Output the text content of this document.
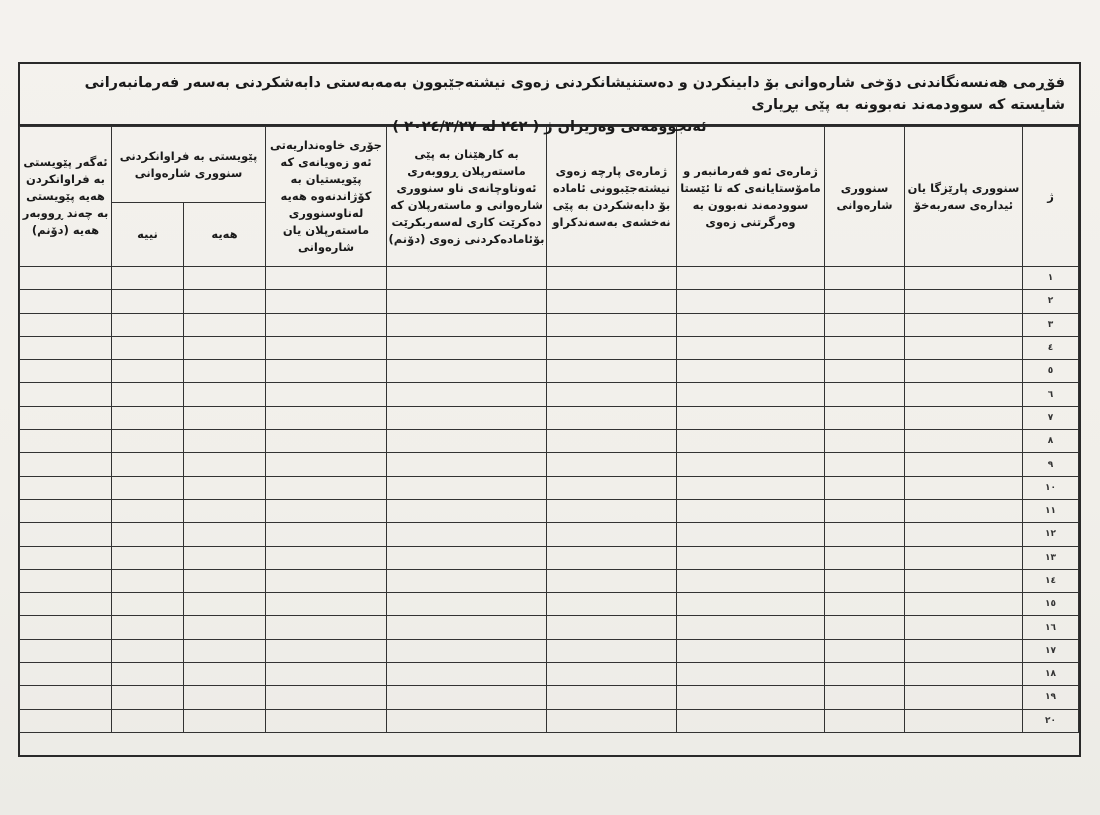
فۆڕمی هەنسەنگاندنی دۆخی شارەوانی بۆ دابینکردن و دەستنیشانکردنی زەوی نیشتەجێبوون بەمەبەستی دابەشکردنی بەسەر فەرمانبەرانی شایستە کە سوودمەند نەبوونە بە پێی بڕیاری
ئەنجوومەنی وەزیران ژ ( ٢٤٢ لە ٢٠٢٤/٣/٢٧ )
ژ	سنووری پارێزگا یان ئیدارەی سەربەخۆ	سنووری شارەوانی	ژمارەی ئەو فەرمانبەر و مامۆستایانەی کە تا ئێستا سوودمەند نەبوون بە وەرگرتنی زەوی	ژمارەی پارچە زەوی نیشتەجێبوونی ئامادە بۆ دابەشکردن بە پێی نەخشەی بەسەندکراو	بە کارهێنان بە پێی ماستەرپلان ڕووبەری ئەوناوچانەی ناو سنووری شارەوانی و ماستەرپلان کە دەکرێت کاری لەسەربکرێت بۆئامادەکردنی زەوی (دۆنم)	جۆری خاوەنداریەتی ئەو زەویانەی کە پێویستیان بە کۆژاندنەوە هەیە لەناوسنووری ماستەرپلان یان شارەوانی	پێویستی بە فراوانکردنی سنووری شارەوانی		ئەگەر پێویستی بە فراوانکردن هەیە پێویستی بە چەند ڕووبەر هەیە (دۆنم)
							هەیە	نییە	
١									
٢									
٣									
٤									
٥									
٦									
٧									
٨									
٩									
١٠									
١١									
١٢									
١٣									
١٤									
١٥									
١٦									
١٧									
١٨									
١٩									
٢٠									
